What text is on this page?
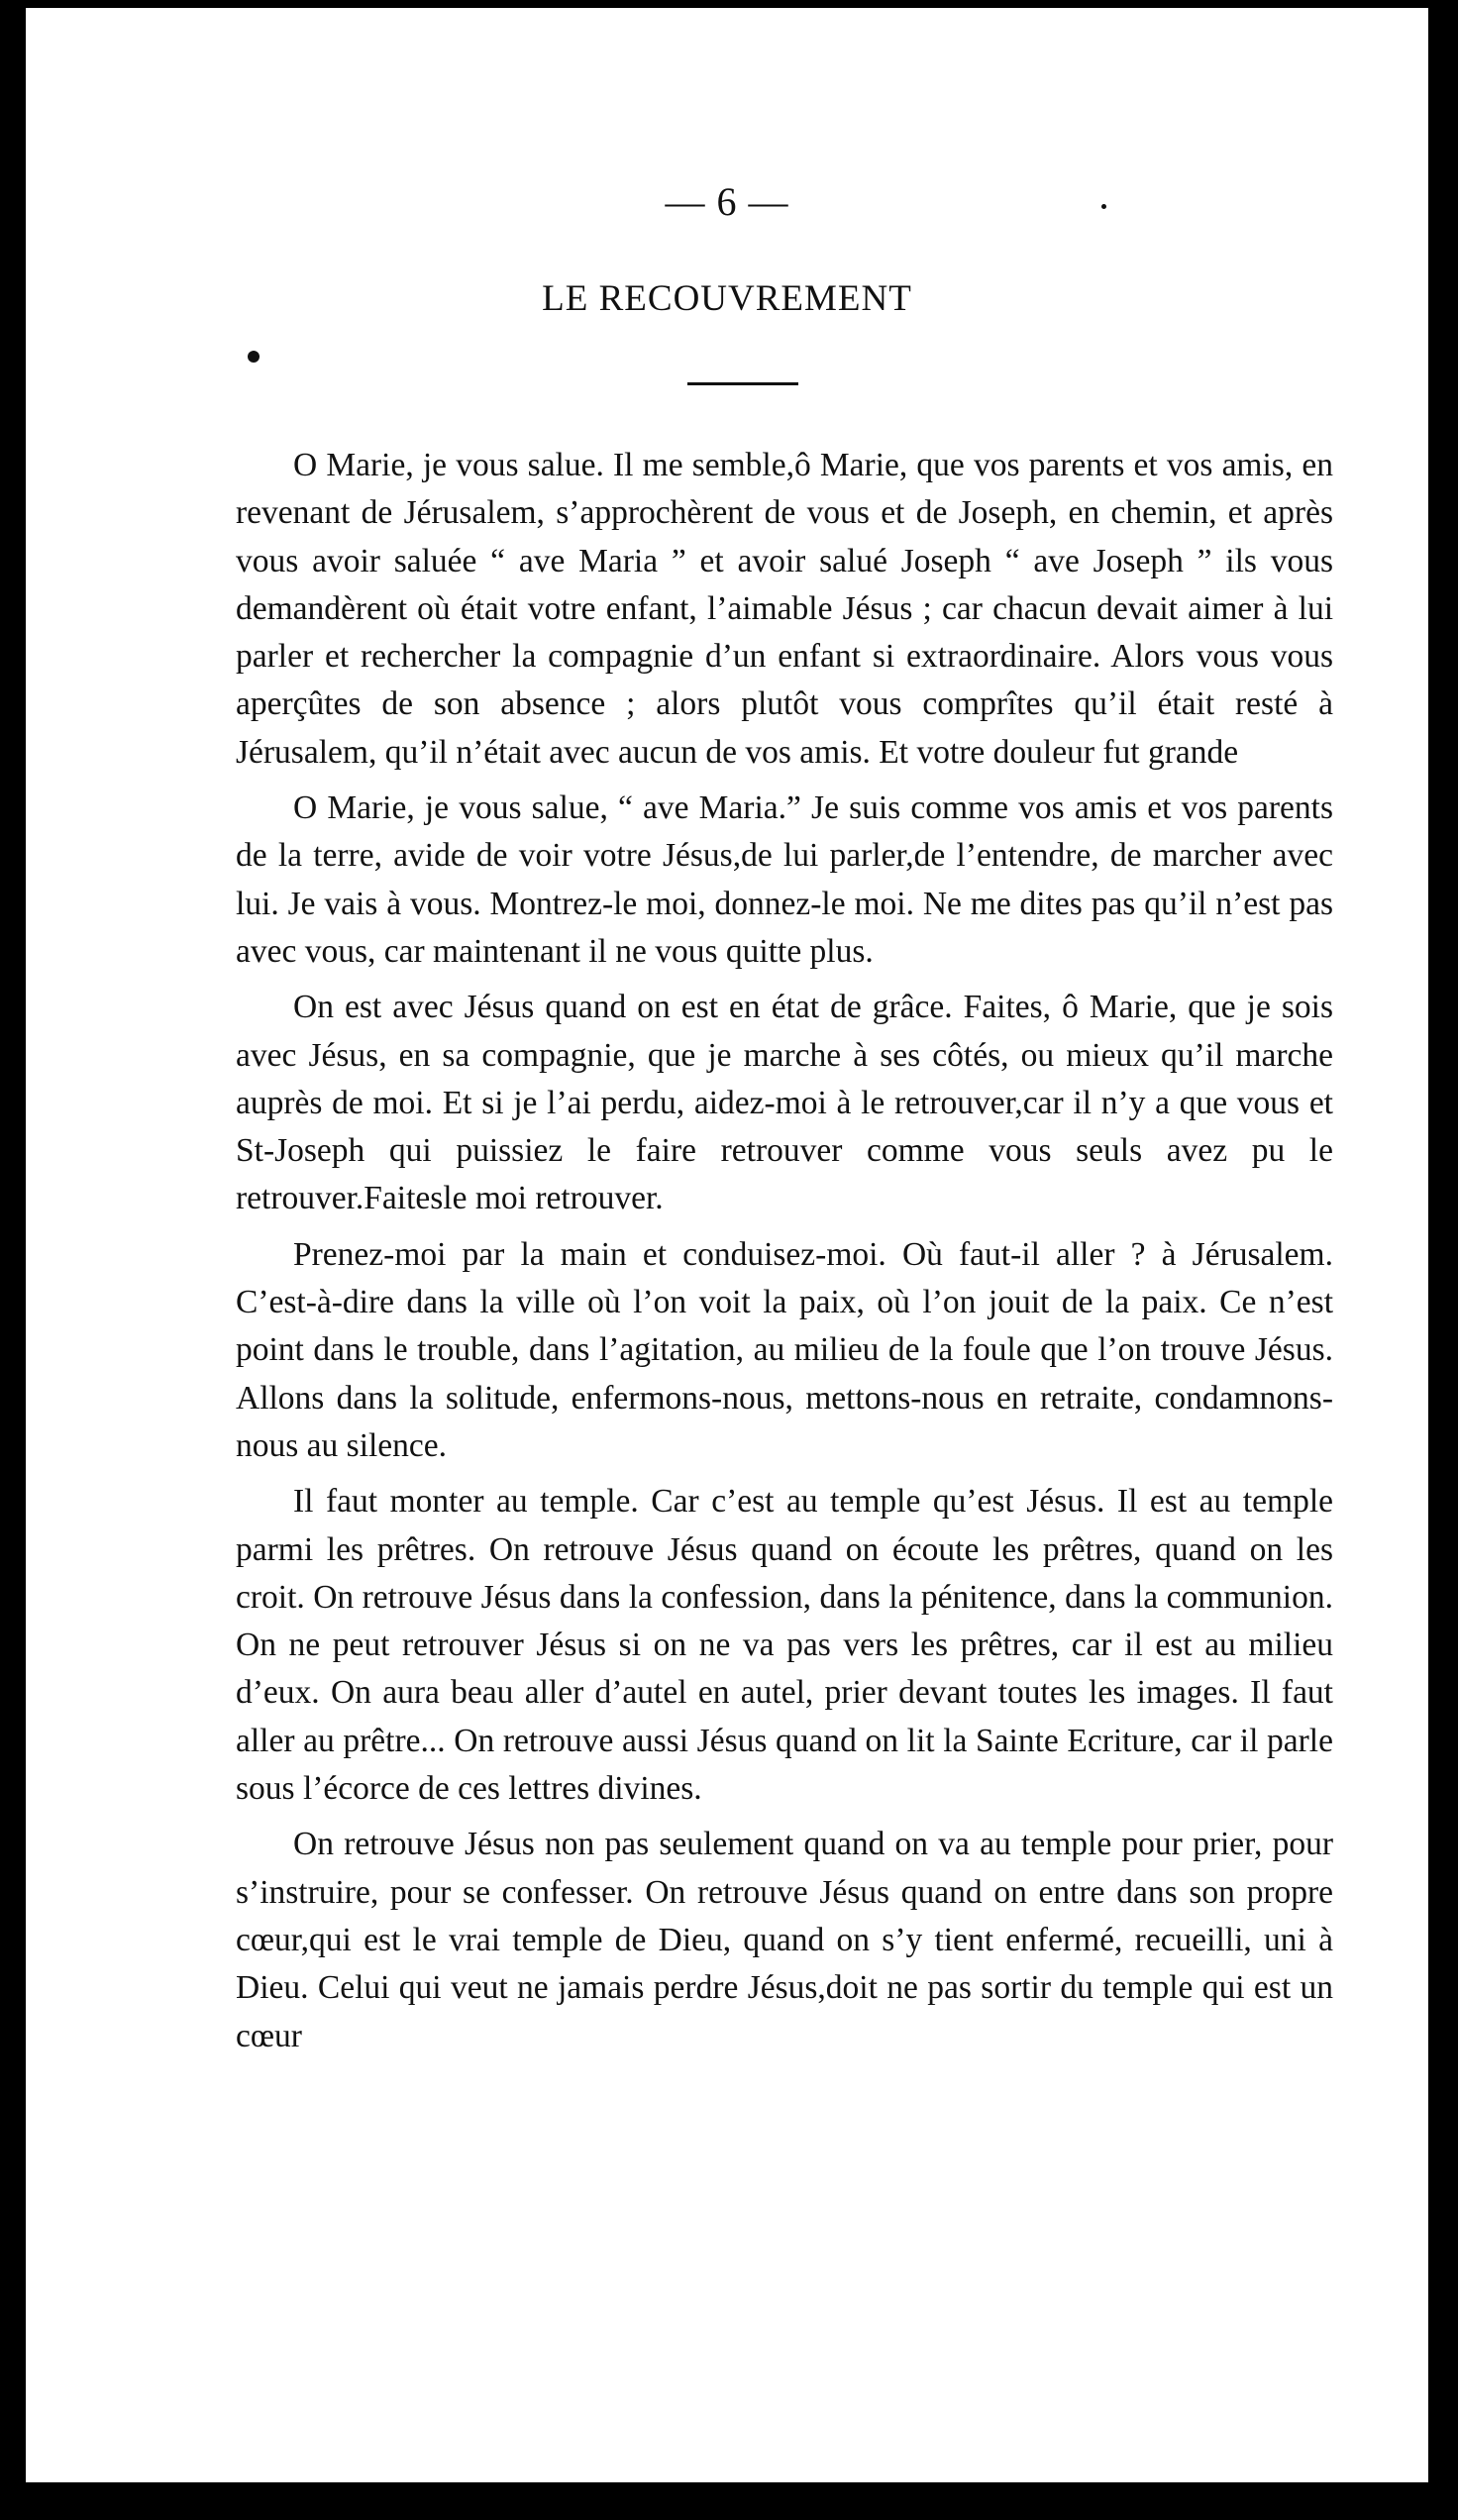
— 6 —
LE RECOUVREMENT

O Marie, je vous salue. Il me semble,ô Marie, que vos parents et vos amis, en revenant de Jérusalem, s’approchèrent de vous et de Joseph, en chemin, et après vous avoir saluée “ ave Maria ” et avoir salué Joseph “ ave Joseph ” ils vous demandèrent où était votre enfant, l’aimable Jésus ; car chacun devait aimer à lui parler et rechercher la compagnie d’un enfant si extraordinaire. Alors vous vous aperçûtes de son absence ; alors plutôt vous comprîtes qu’il était resté à Jérusalem, qu’il n’était avec aucun de vos amis. Et votre douleur fut grande

O Marie, je vous salue, “ ave Maria.” Je suis comme vos amis et vos parents de la terre, avide de voir votre Jésus,de lui parler,de l’entendre, de marcher avec lui. Je vais à vous. Montrez-le moi, donnez-le moi. Ne me dites pas qu’il n’est pas avec vous, car maintenant il ne vous quitte plus.

On est avec Jésus quand on est en état de grâce. Faites, ô Marie, que je sois avec Jésus, en sa compagnie, que je marche à ses côtés, ou mieux qu’il marche auprès de moi. Et si je l’ai perdu, aidez-moi à le retrouver,car il n’y a que vous et St-Joseph qui puissiez le faire retrouver comme vous seuls avez pu le retrouver.Faitesle moi retrouver.

Prenez-moi par la main et conduisez-moi. Où faut-il aller ? à Jérusalem. C’est-à-dire dans la ville où l’on voit la paix, où l’on jouit de la paix. Ce n’est point dans le trouble, dans l’agitation, au milieu de la foule que l’on trouve Jésus. Allons dans la solitude, enfermons-nous, mettons-nous en retraite, condamnons-nous au silence.

Il faut monter au temple. Car c’est au temple qu’est Jésus. Il est au temple parmi les prêtres. On retrouve Jésus quand on écoute les prêtres, quand on les croit. On retrouve Jésus dans la confession, dans la pénitence, dans la communion. On ne peut retrouver Jésus si on ne va pas vers les prêtres, car il est au milieu d’eux. On aura beau aller d’autel en autel, prier devant toutes les images. Il faut aller au prêtre... On retrouve aussi Jésus quand on lit la Sainte Ecriture, car il parle sous l’écorce de ces lettres divines.

On retrouve Jésus non pas seulement quand on va au temple pour prier, pour s’instruire, pour se confesser. On retrouve Jésus quand on entre dans son propre cœur,qui est le vrai temple de Dieu, quand on s’y tient enfermé, recueilli, uni à Dieu. Celui qui veut ne jamais perdre Jésus,doit ne pas sortir du temple qui est un cœur
